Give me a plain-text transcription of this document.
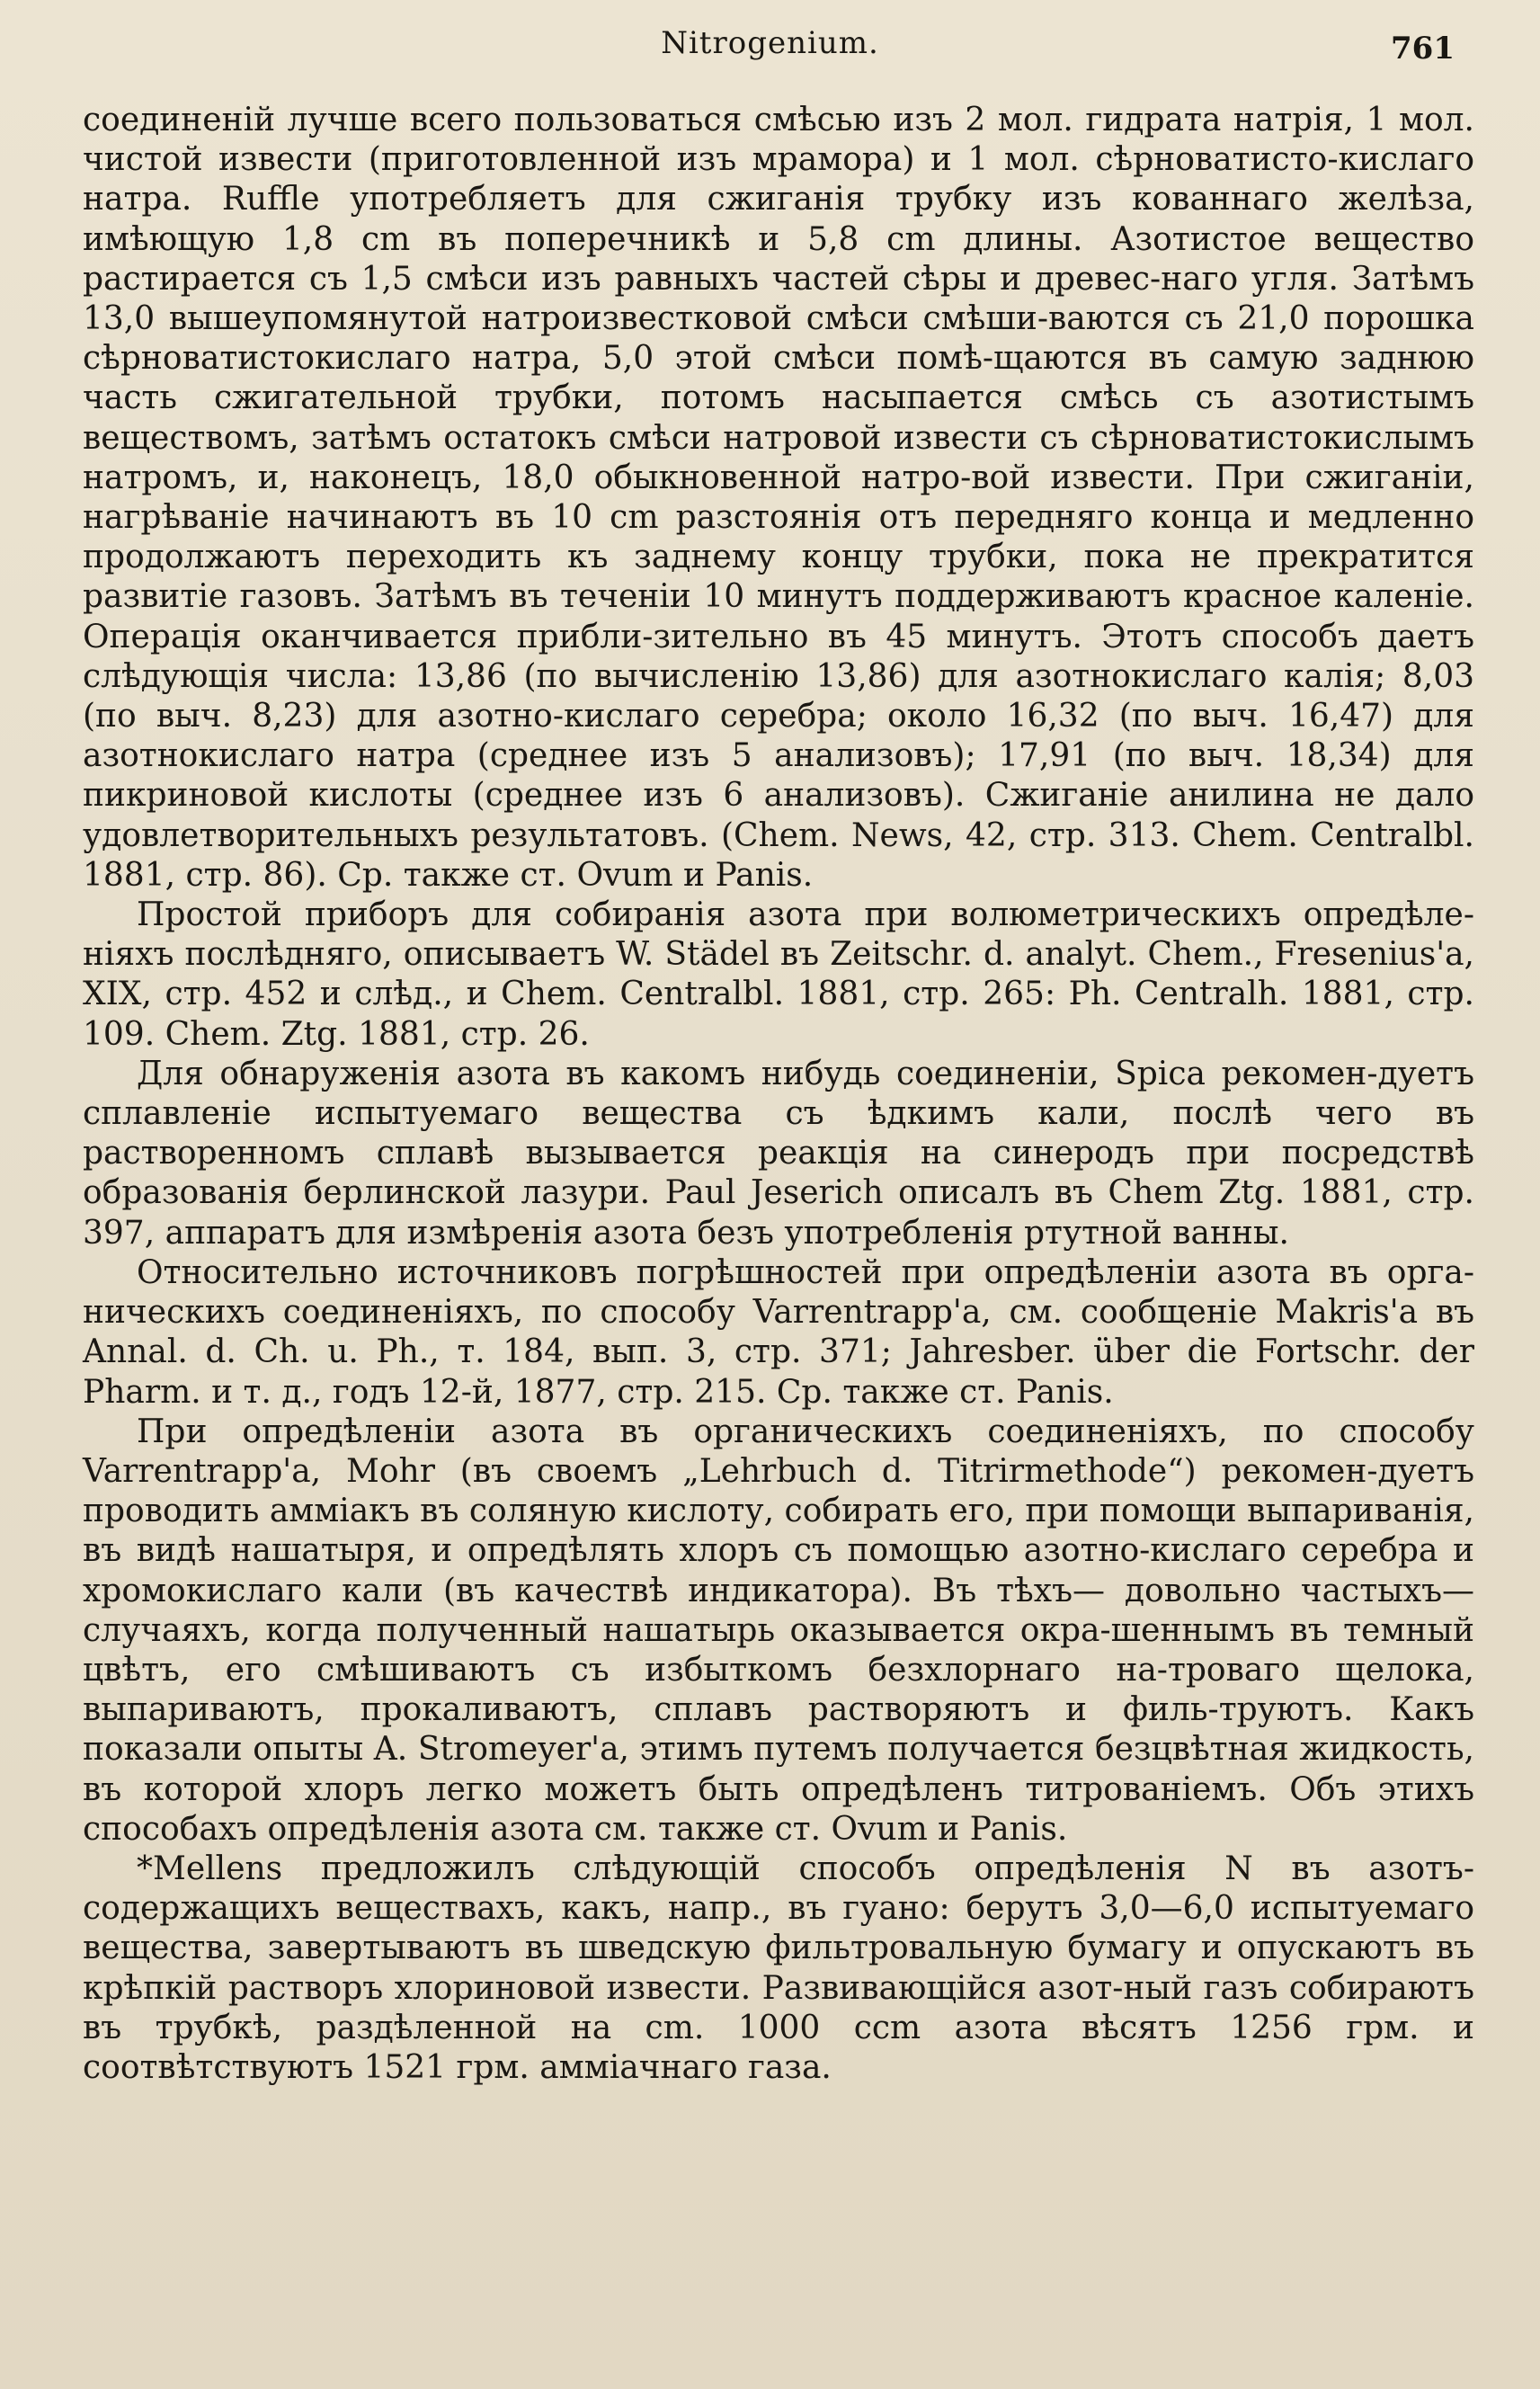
Nitrogenium.	761

соединеній лучше всего пользоваться смѣсью изъ 2 мол. гидрата натрія, 1 мол. чистой извести (приготовленной изъ мрамора) и 1 мол. сѣрноватисто-кислаго натра. Ruffle употребляетъ для сжиганія трубку изъ кованнаго желѣза, имѣющую 1,8 cm въ поперечникѣ и 5,8 cm длины. Азотистое вещество растирается съ 1,5 смѣси изъ равныхъ частей сѣры и древес-наго угля. Затѣмъ 13,0 вышеупомянутой натроизвестковой смѣси смѣши-ваются съ 21,0 порошка сѣрноватистокислаго натра, 5,0 этой смѣси помѣ-щаются въ самую заднюю часть сжигательной трубки, потомъ насыпается смѣсь съ азотистымъ веществомъ, затѣмъ остатокъ смѣси натровой извести съ сѣрноватистокислымъ натромъ, и, наконецъ, 18,0 обыкновенной натро-вой извести. При сжиганіи, нагрѣваніе начинаютъ въ 10 cm разстоянія отъ передняго конца и медленно продолжаютъ переходить къ заднему концу трубки, пока не прекратится развитіе газовъ. Затѣмъ въ теченіи 10 минутъ поддерживаютъ красное каленіе. Операція оканчивается прибли-зительно въ 45 минутъ. Этотъ способъ даетъ слѣдующія числа: 13,86 (по вычисленію 13,86) для азотнокислаго калія; 8,03 (по выч. 8,23) для азотно-кислаго серебра; около 16,32 (по выч. 16,47) для азотнокислаго натра (среднее изъ 5 анализовъ); 17,91 (по выч. 18,34) для пикриновой кислоты (среднее изъ 6 анализовъ). Сжиганіе анилина не дало удовлетворительныхъ результатовъ. (Chem. News, 42, стр. 313. Chem. Centralbl. 1881, стр. 86). Ср. также ст. Ovum и Panis.

Простой приборъ для собиранія азота при волюметрическихъ опредѣле-ніяхъ послѣдняго, описываетъ W. Städel въ Zeitschr. d. analyt. Chem., Fresenius'a, XIX, стр. 452 и слѣд., и Chem. Centralbl. 1881, стр. 265: Ph. Centralh. 1881, стр. 109. Chem. Ztg. 1881, стр. 26.

Для обнаруженія азота въ какомъ нибудь соединеніи, Spica рекомен-дуетъ сплавленіе испытуемаго вещества съ ѣдкимъ кали, послѣ чего въ растворенномъ сплавѣ вызывается реакція на синеродъ при посредствѣ образованія берлинской лазури. Paul Jeserich описалъ въ Chem Ztg. 1881, стр. 397, аппаратъ для измѣренія азота безъ употребленія ртутной ванны.

Относительно источниковъ погрѣшностей при опредѣленіи азота въ орга-ническихъ соединеніяхъ, по способу Varrentrapp'a, см. сообщеніе Makris'a въ Annal. d. Ch. u. Ph., т. 184, вып. 3, стр. 371; Jahresber. über die Fortschr. der Pharm. и т. д., годъ 12-й, 1877, стр. 215. Ср. также ст. Panis.

При опредѣленіи азота въ органическихъ соединеніяхъ, по способу Varrentrapp'a, Mohr (въ своемъ „Lehrbuch d. Titrirmethode“) рекомен-дуетъ проводить аммiакъ въ соляную кислоту, собирать его, при помощи выпариванія, въ видѣ нашатыря, и опредѣлять хлоръ съ помощью азотно-кислаго серебра и хромокислаго кали (въ качествѣ индикатора). Въ тѣхъ— довольно частыхъ—случаяхъ, когда полученный нашатырь оказывается окра-шеннымъ въ темный цвѣтъ, его смѣшиваютъ съ избыткомъ безхлорнаго на-троваго щелока, выпариваютъ, прокаливаютъ, сплавъ растворяютъ и филь-труютъ. Какъ показали опыты A. Stromeyer'a, этимъ путемъ получается безцвѣтная жидкость, въ которой хлоръ легко можетъ быть опредѣленъ титрованіемъ. Объ этихъ способахъ опредѣленія азота см. также ст. Ovum и Panis.

*Mellens предложилъ слѣдующій способъ опредѣленія N въ азотъ-содержащихъ веществахъ, какъ, напр., въ гуано: берутъ 3,0—6,0 испытуемаго вещества, завертываютъ въ шведскую фильтровальную бумагу и опускаютъ въ крѣпкій растворъ хлориновой извести. Развивающійся азот-ный газъ собираютъ въ трубкѣ, раздѣленной на cm. 1000 ccm азота вѣсятъ 1256 грм. и соотвѣтствуютъ 1521 грм. аммiачнаго газа.
